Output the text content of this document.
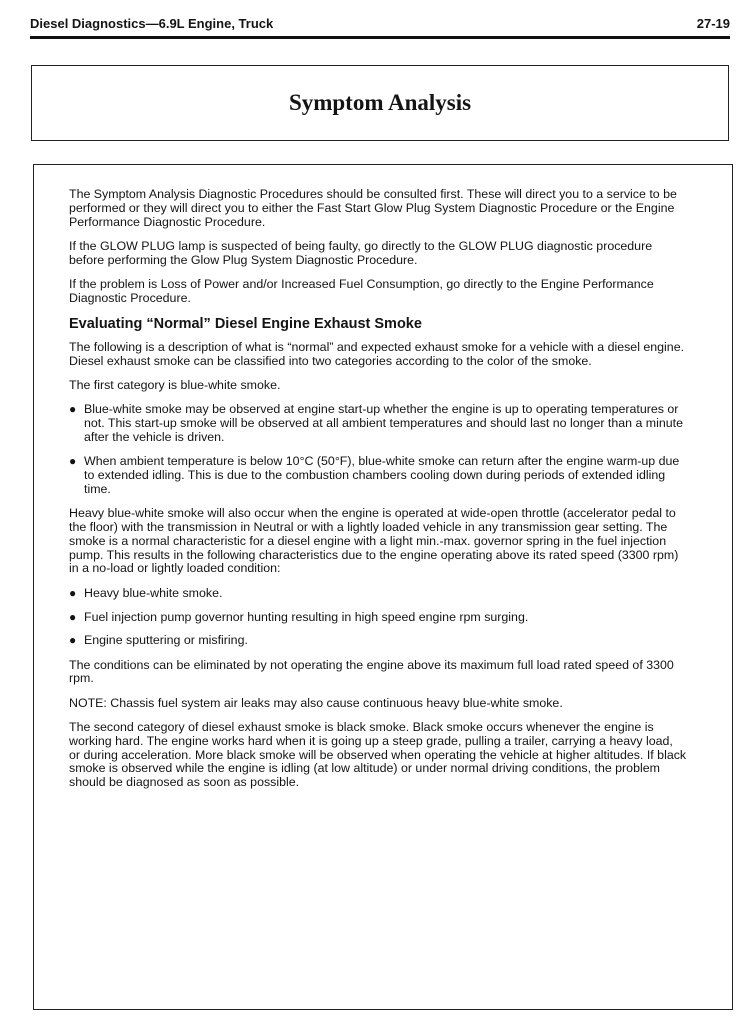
Diesel Diagnostics—6.9L Engine, Truck	27-19
Symptom Analysis

The Symptom Analysis Diagnostic Procedures should be consulted first. These will direct you to a service to be performed or they will direct you to either the Fast Start Glow Plug System Diagnostic Procedure or the Engine Performance Diagnostic Procedure.

If the GLOW PLUG lamp is suspected of being faulty, go directly to the GLOW PLUG diagnostic procedure before performing the Glow Plug System Diagnostic Procedure.

If the problem is Loss of Power and/or Increased Fuel Consumption, go directly to the Engine Performance Diagnostic Procedure.

Evaluating “Normal” Diesel Engine Exhaust Smoke

The following is a description of what is “normal” and expected exhaust smoke for a vehicle with a diesel engine. Diesel exhaust smoke can be classified into two categories according to the color of the smoke.

The first category is blue-white smoke.

● Blue-white smoke may be observed at engine start-up whether the engine is up to operating temperatures or not. This start-up smoke will be observed at all ambient temperatures and should last no longer than a minute after the vehicle is driven.
● When ambient temperature is below 10°C (50°F), blue-white smoke can return after the engine warm-up due to extended idling. This is due to the combustion chambers cooling down during periods of extended idling time.

Heavy blue-white smoke will also occur when the engine is operated at wide-open throttle (accelerator pedal to the floor) with the transmission in Neutral or with a lightly loaded vehicle in any transmission gear setting. The smoke is a normal characteristic for a diesel engine with a light min.-max. governor spring in the fuel injection pump. This results in the following characteristics due to the engine operating above its rated speed (3300 rpm) in a no-load or lightly loaded condition:

● Heavy blue-white smoke.
● Fuel injection pump governor hunting resulting in high speed engine rpm surging.
● Engine sputtering or misfiring.

The conditions can be eliminated by not operating the engine above its maximum full load rated speed of 3300 rpm.

NOTE: Chassis fuel system air leaks may also cause continuous heavy blue-white smoke.

The second category of diesel exhaust smoke is black smoke. Black smoke occurs whenever the engine is working hard. The engine works hard when it is going up a steep grade, pulling a trailer, carrying a heavy load, or during acceleration. More black smoke will be observed when operating the vehicle at higher altitudes. If black smoke is observed while the engine is idling (at low altitude) or under normal driving conditions, the problem should be diagnosed as soon as possible.
